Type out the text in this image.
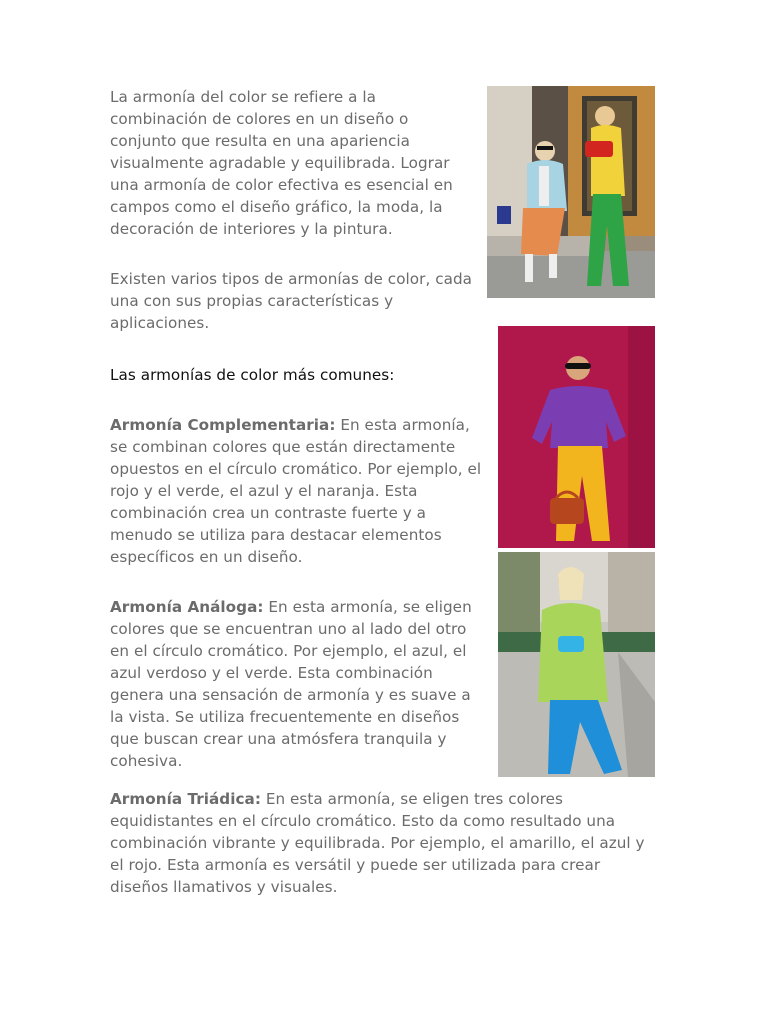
La armonía del color se refiere a la combinación de colores en un diseño o conjunto que resulta en una apariencia visualmente agradable y equilibrada. Lograr una armonía de color efectiva es esencial en campos como el diseño gráfico, la moda, la decoración de interiores y la pintura.

Existen varios tipos de armonías de color, cada una con sus propias características y aplicaciones.

Las armonías de color más comunes:

Armonía Complementaria: En esta armonía, se combinan colores que están directamente opuestos en el círculo cromático. Por ejemplo, el rojo y el verde, el azul y el naranja. Esta combinación crea un contraste fuerte y a menudo se utiliza para destacar elementos específicos en un diseño.

Armonía Análoga: En esta armonía, se eligen colores que se encuentran uno al lado del otro en el círculo cromático. Por ejemplo, el azul, el azul verdoso y el verde. Esta combinación genera una sensación de armonía y es suave a la vista. Se utiliza frecuentemente en diseños que buscan crear una atmósfera tranquila y cohesiva.

Armonía Triádica: En esta armonía, se eligen tres colores equidistantes en el círculo cromático. Esto da como resultado una combinación vibrante y equilibrada. Por ejemplo, el amarillo, el azul y el rojo. Esta armonía es versátil y puede ser utilizada para crear diseños llamativos y visuales.
